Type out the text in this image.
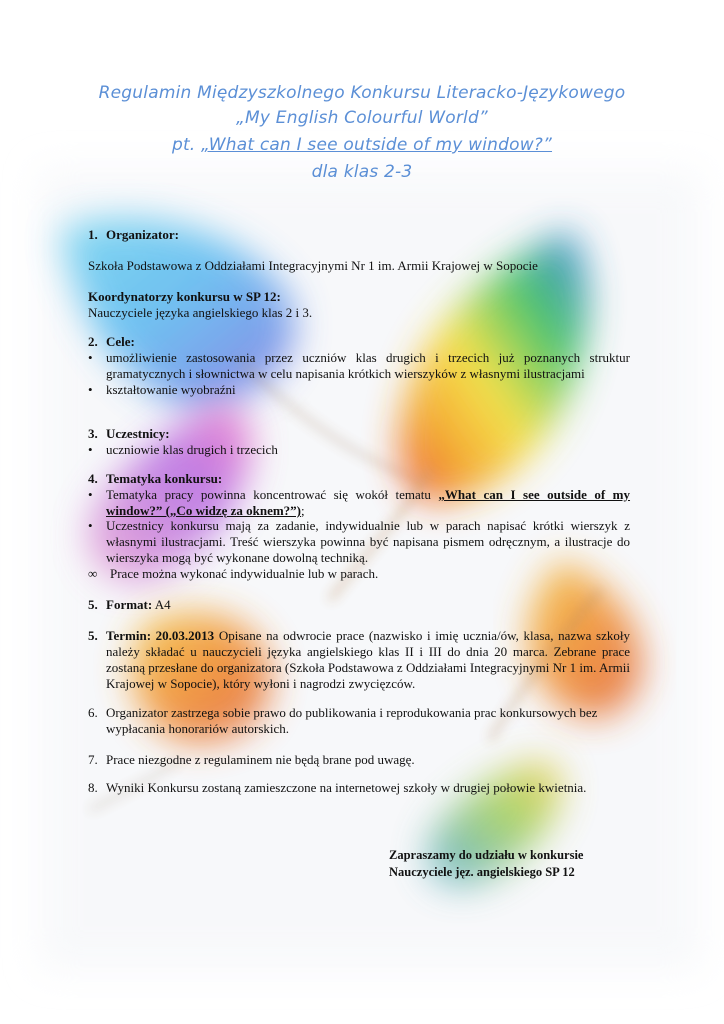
Regulamin Międzyszkolnego Konkursu Literacko-Językowego
„My English Colourful World”
pt. „What can I see outside of my window?”
dla klas 2-3
1. Organizator:
Szkoła Podstawowa z Oddziałami Integracyjnymi Nr 1 im. Armii Krajowej w Sopocie
Koordynatorzy konkursu w SP 12:
Nauczyciele języka angielskiego klas 2 i 3.
2. Cele:
• umożliwienie zastosowania przez uczniów klas drugich i trzecich już poznanych struktur gramatycznych i słownictwa w celu napisania krótkich wierszyków z własnymi ilustracjami
• kształtowanie wyobraźni
3. Uczestnicy:
• uczniowie klas drugich i trzecich
4. Tematyka konkursu:
• Tematyka pracy powinna koncentrować się wokół tematu „What can I see outside of my window?” („Co widzę za oknem?”);
• Uczestnicy konkursu mają za zadanie, indywidualnie lub w parach napisać krótki wierszyk z własnymi ilustracjami. Treść wierszyka powinna być napisana pismem odręcznym, a ilustracje do wierszyka mogą być wykonane dowolną techniką.
∞ Prace można wykonać indywidualnie lub w parach.
5. Format: A4
5. Termin: 20.03.2013 Opisane na odwrocie prace (nazwisko i imię ucznia/ów, klasa, nazwa szkoły należy składać u nauczycieli języka angielskiego klas II i III do dnia 20 marca. Zebrane prace zostaną przesłane do organizatora (Szkoła Podstawowa z Oddziałami Integracyjnymi Nr 1 im. Armii Krajowej w Sopocie), który wyłoni i nagrodzi zwycięzców.
6. Organizator zastrzega sobie prawo do publikowania i reprodukowania prac konkursowych bez wypłacania honorariów autorskich.
7. Prace niezgodne z regulaminem nie będą brane pod uwagę.
8. Wyniki Konkursu zostaną zamieszczone na internetowej szkoły w drugiej połowie kwietnia.
Zapraszamy do udziału w konkursie
Nauczyciele jęz. angielskiego SP 12
